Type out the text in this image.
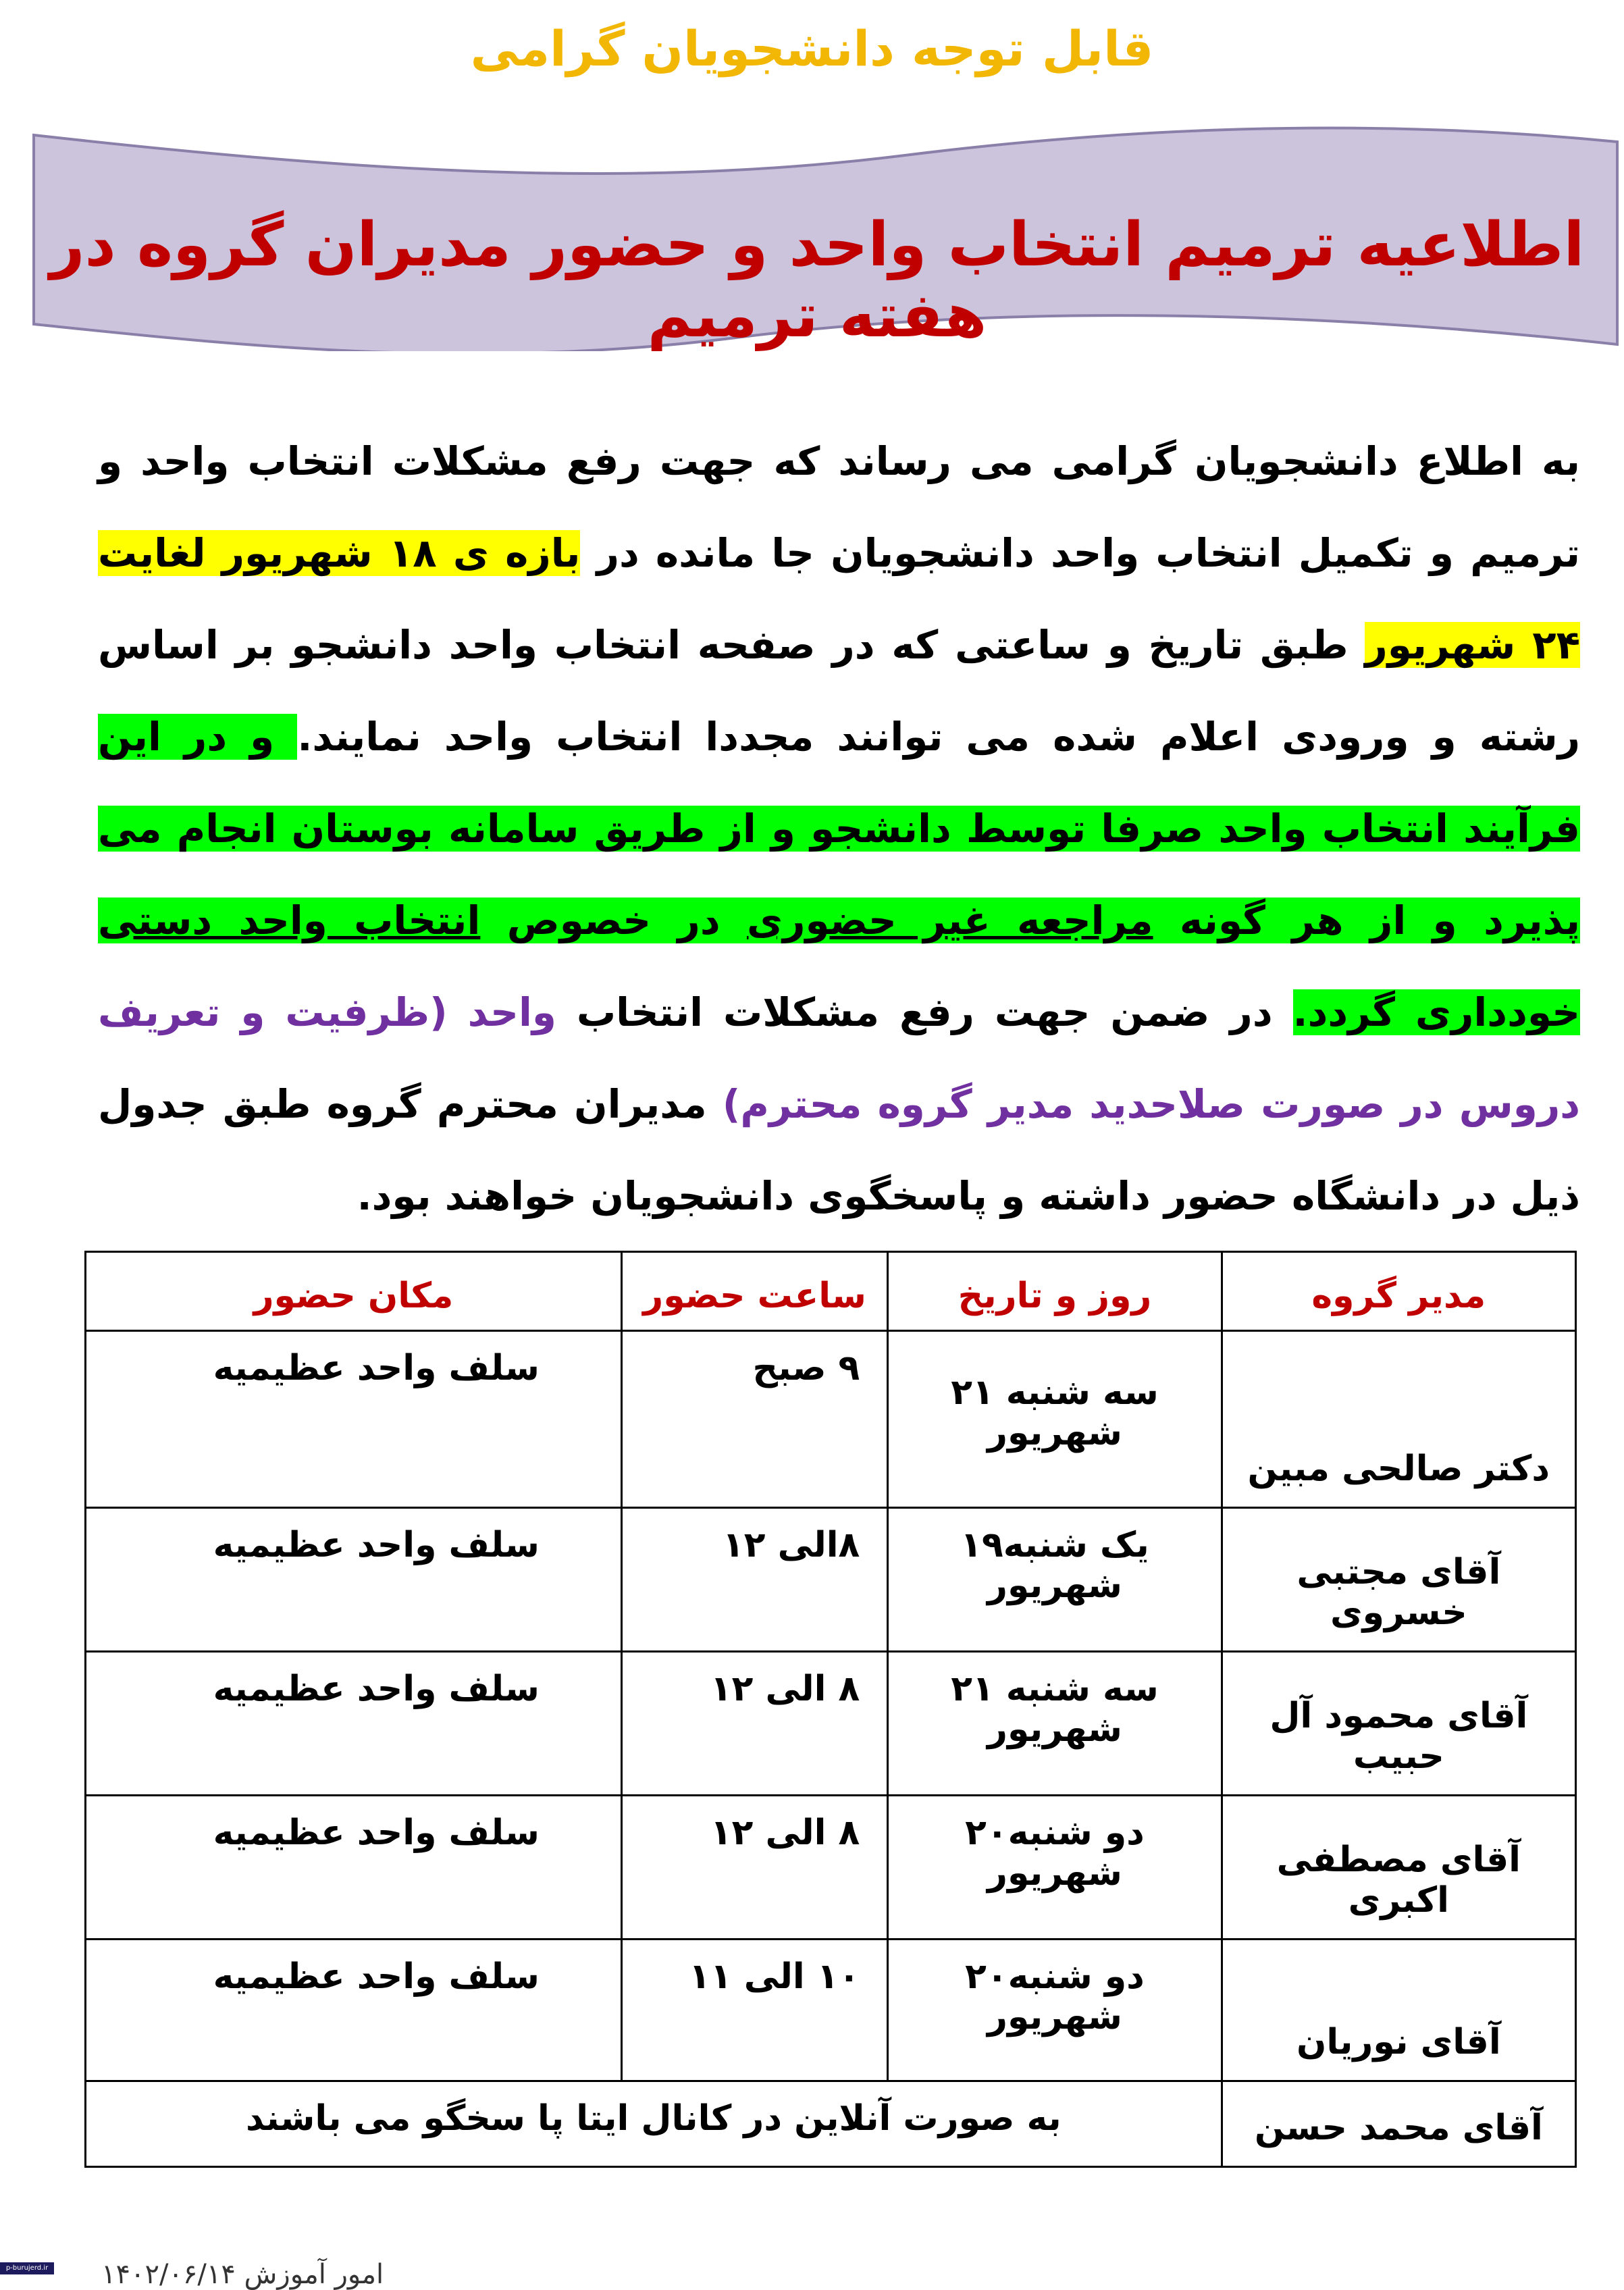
قابل توجه دانشجویان گرامی
اطلاعیه ترمیم انتخاب واحد و حضور مدیران گروه در هفته ترمیم
به اطلاع دانشجویان گرامی می رساند که جهت رفع مشکلات انتخاب واحد و ترمیم و تکمیل انتخاب واحد دانشجویان جا مانده در بازه ی ۱۸ شهریور لغایت ۲۴ شهریور طبق تاریخ و ساعتی که در صفحه انتخاب واحد دانشجو بر اساس رشته و ورودی اعلام شده می توانند مجددا انتخاب واحد نمایند. و در این فرآیند انتخاب واحد صرفا توسط دانشجو و از طریق سامانه بوستان انجام می پذیرد و از هر گونه مراجعه غیر حضوری در خصوص انتخاب واحد دستی خودداری گردد. در ضمن جهت رفع مشکلات انتخاب واحد (ظرفیت و تعریف دروس در صورت صلاحدید مدیر گروه محترم) مدیران محترم گروه طبق جدول ذیل در دانشگاه حضور داشته و پاسخگوی دانشجویان خواهند بود.
مدیر گروه	روز و تاریخ	ساعت حضور	مکان حضور
دکتر صالحی مبین	سه شنبه ۲۱ شهریور	۹ صبح	سلف واحد عظیمیه
آقای مجتبی خسروی	یک شنبه۱۹ شهریور	۸الی ۱۲	سلف واحد عظیمیه
آقای محمود آل حبیب	سه شنبه ۲۱ شهریور	۸ الی ۱۲	سلف واحد عظیمیه
آقای مصطفی اکبری	دو شنبه۲۰ شهریور	۸ الی ۱۲	سلف واحد عظیمیه
آقای نوریان	دو شنبه۲۰ شهریور	۱۰ الی ۱۱	سلف واحد عظیمیه
آقای محمد حسن	به صورت آنلاین در کانال ایتا پا سخگو می باشند		
امور آموزش ۱۴۰۲/۰۶/۱۴
p-burujerd.ir
